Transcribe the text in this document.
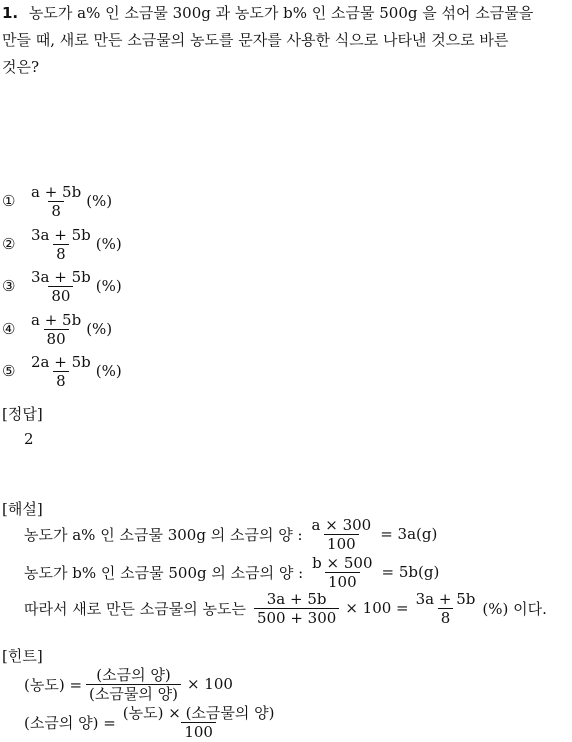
1. 농도가 a% 인 소금물 300g 과 농도가 b% 인 소금물 500g 을 섞어 소금물을
만들 때, 새로 만든 소금물의 농도를 문자를 사용한 식으로 나타낸 것으로 바른
것은?
① $\frac{a + 5b}{8}$ (%)
② $\frac{3a + 5b}{8}$ (%)
③ $\frac{3a + 5b}{80}$ (%)
④ $\frac{a + 5b}{80}$ (%)
⑤ $\frac{2a + 5b}{8}$ (%)
[정답]
2
[해설]
농도가 a% 인 소금물 300g 의 소금의 양 : $\frac{a \times 300}{100} = 3a(g)$
농도가 b% 인 소금물 500g 의 소금의 양 : $\frac{b \times 500}{100} = 5b(g)$
따라서 새로 만든 소금물의 농도는 $\frac{3a + 5b}{500 + 300} \times 100 = \frac{3a + 5b}{8}$ (%) 이다.
[힌트]
(농도) = $\frac{\text{(소금의 양)}}{\text{(소금물의 양)}} \times 100$
(소금의 양) = $\frac{\text{(농도) × (소금물의 양)}}{100}$
